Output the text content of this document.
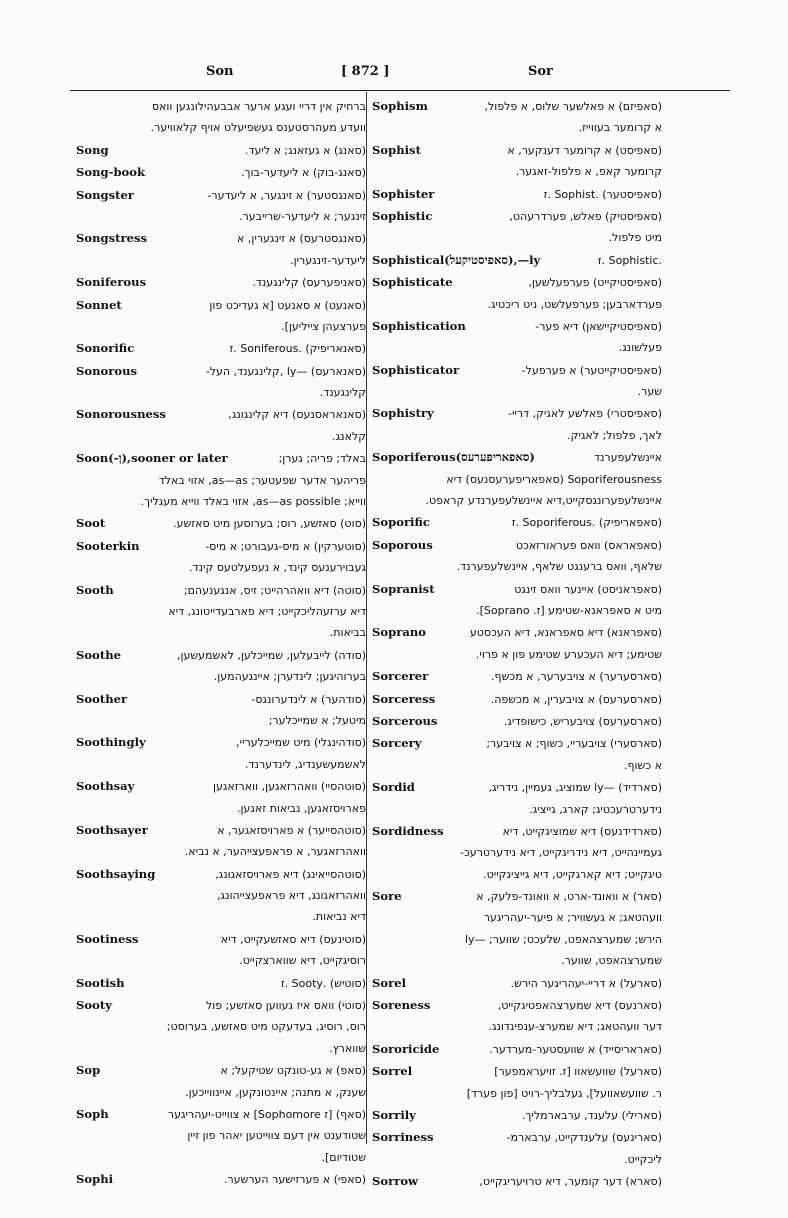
Son	[ 872 ]	Sor
ברחיק אין דריי ועגע ארער אבבעהילונגען וואס
וועדע מעהרסטענס געשפיעלט אויף קלאוויער.
Song	(סאנג) א געזאנג; א ליעד.
Song-book	(סאנג-בוק) א ליעדער-בוך.
Songster	(סאנגסטער) א זינגער, א ליעדער-
זינגער; א ליעדער-שרייבער.
Songstress	(סאנגסטרעס) א זינגערין, א
ליעדער-זינגערין.
Soniferous	(סאניפערעס) קלינגענד.
Sonnet	(סאנעט) א סאנעט [א געדיכט פון
פערצעהן צייליען].
Sonorific	(סאנאריפיק) .Soniferous .ז
Sonorous	(סאנארעס) —ly ,קלינגענד, העל-
קלינגענד.
Sonorousness	(סאנאראסנעס) דיא קלינגונג,
קלאנג.
Soon(-ן),sooner or later	באלד; פריה; גערן;
פריהער אדער שפעטער; as—as, אזוי באלד
ווייא; as—as possible, אזוי באלד ווייא מעגליך.
Soot	(סוט) סאזשע, רוס; בערוסען מיט סאזשע.
Sooterkin	(סוטערקין) א מיס-געבורט; א מיס-
געבוירענעס קינד, א נעפעלטעס קינד.
Sooth	(סוטה) דיא וואהרהייט; זיס, אנגענעהם;
דיא ערזעהליכקייט; דיא פארבעדייטונג, דיא
בביאות.
Soothe	(סודה) לייבעלען, שמייכלען, לאשמעשען,
בערוהיגען; לינדערן; איינגעהמען.
Soother	(סודהער) א לינדערונגס-
מיטעל; א שמייכלער;
Soothingly	(סודהינגלי) מיט שמייכלעריי,
לאשמעשענדיג, לינדערנד.
Soothsay	(סוטהסיי) וואהרזאגען, ווארזאגען
פארויסזאגען, נביאות זאגען.
Soothsayer	(סוטהסייער) א פארויסזאגער, א
וואהרזאגער, א פראפעצייהער, א נביא.
Soothsaying	(סוטהסייאינג) דיא פארויסזאגונג,
וואהרזאגונג, דיא פראפעצייהונג,
דיא נביאות.
Sootiness	(סוטינעס) דיא סאזשעקייט, דיא
רוסיגקייט, דיא שווארצקייט.
Sootish	(סוטיש) .Sooty .ז
Sooty	(סוטי) וואס איז געווען סאזשע; פול
רוס, רוסיג, בעדעקט מיט סאזשע, בערוסט;
שווארץ.
Sop	(סאפ) א גע-טונקט שטיקעל; א
שענק, א מתנה; איינטונקען, איינווייכען.
Soph	(סאף) [ז Sophomore] א צווייט-יעהריגער
שטודענט אין דעם צווייטען יאהר פון זיין
שטודיום].
Sophi	(סאפי) א פערזישער הערשער.
Sophism	(סאפיזם) א פאלשער שלוס, א פלפול,
א קרומער בעווייז.
Sophist	(סאפיסט) א קרומער דענקער, א
קרומער קאפ, א פלפול-זאגער.
Sophister	(סאפיסטער) .Sophist .ז
Sophistic	(סאפיסטיק) פאלש, פערדרעהט,
מיט פלפול.
Sophistical(סאפיסטיקעל),—ly	.Sophistic .ז
Sophisticate	(סאפיסטיקייט) פערפעלשען,
פערדארבען; פערפעלשט, ניט ריכטיג.
Sophistication	(סאפיסטיקיישאן) דיא פער-
פעלשונג.
Sophisticator	(סאפיסטיקייטער) א פערפעל-
שער.
Sophistry	(סאפיסטרי) פאלשע לאגיק, דריי-
לאך, פלפול; לאגיק.
Soporiferous(סאפאריפערעס)	איינשלעפערנד
Soporiferousness (סאפאריפערעסנעס) דיא
איינשלעפערונגסקייט,דיא איינשלעפערנדע קראפט.
Soporific	(סאפאריפיק) .Soporiferous .ז
Soporous	(סאפאראס) וואס פעראורזאכט
שלאף, וואס ברענגט שלאף, איינשלעפערנד.
Sopranist	(סאפראניסט) איינער וואס זינגט
מיט א סאפראנא-שטימע [ז. Soprano].
Soprano	(סאפראנא) דיא סאפראנא, דיא העכסטע
שטימע; דיא העכערע שטימע פון א פרוי.
Sorcerer	(סארסערער) א צויבערער, א מכשף.
Sorceress	(סארסערעס) א צויבערין, א מכשפה.
Sorcerous	(סארסערעס) צויבעריש, כישופדיג.
Sorcery	(סארסערי) צויבעריי, כשוף; א צויבער;
א כשוף.
Sordid	(סארדיד) —ly שמוציג, געמיין, נידריג,
נידערטרעכטיג; קארג, גייציג.
Sordidness	(סארדידנעס) דיא שמוציגקייט, דיא
געמיינהייט, דיא נידריגקייט, דיא נידערטרעכ-
טיגקייט; דיא קארגקייט, דיא גייציגקייט.
Sore	(סאר) א וואונד-ארט, א וואונד-פלעק, א
וועהטאג; א געשוויר; א פיער-יעהריגער
הירש; שמערצהאפט, שלעכט; שווער; —ly
שמערצהאפט, שווער.
Sorel	(סארעל) א דריי-יעהריגער הירש.
Soreness	(סארנעס) דיא שמערצהאפטיגקייט,
דער וועהטאג; דיא שמערצ-ענפינדונג.
Sororicide	(סאראריסייד) א שוועסטער-מערדער.
Sorrel	(סארעל) שוועשאוו [ז. זויעראמפער]
ר. שוועשאוועל], געלבליך-רויט [פון פערד]
Sorrily	(סארילי) עלענד, ערבארמליך.
Sorriness	(סארינעס) עלענדקייט, ערבארמ-
ליכקייט.
Sorrow	(סארא) דער קומער, דיא טרויעריגקייט,
